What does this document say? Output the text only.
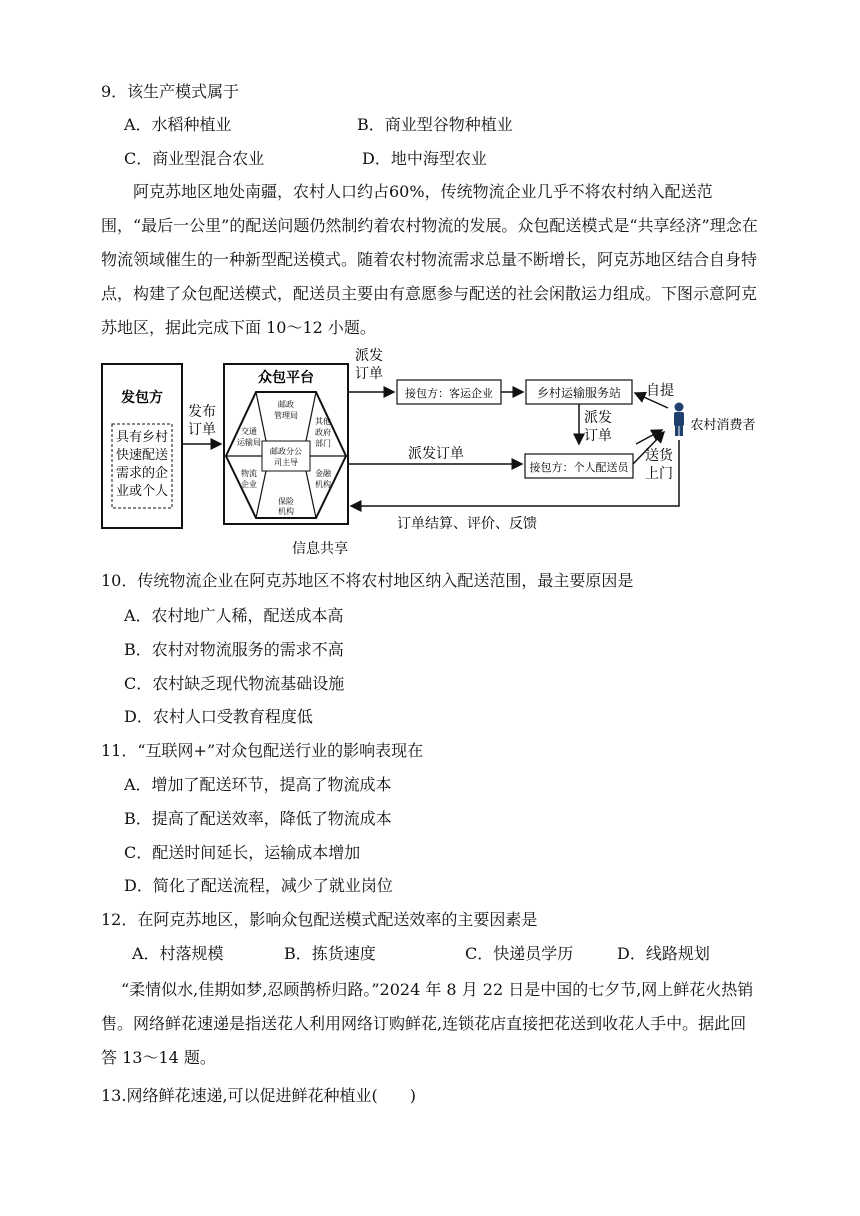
9．该生产模式属于
A．水稻种植业	B．商业型谷物种植业
C．商业型混合农业	D．地中海型农业
阿克苏地区地处南疆，农村人口约占60%，传统物流企业几乎不将农村纳入配送范围，“最后一公里”的配送问题仍然制约着农村物流的发展。众包配送模式是“共享经济”理念在物流领域催生的一种新型配送模式。随着农村物流需求总量不断增长，阿克苏地区结合自身特点，构建了众包配送模式，配送员主要由有意愿参与配送的社会闲散运力组成。下图示意阿克苏地区，据此完成下面 10～12 小题。
发包方
具有乡村
快速配送
需求的企
业或个人
发布
订单
众包平台
邮政分公
司主导
邮政
管理局
其他
政府
部门
金融
机构
保险
机构
物流
企业
交通
运输局
派发
订单
接包方：客运企业	乡村运输服务站
派发
订单
派发订单
接包方：个人配送员
农村消费者
自提
送货
上门
订单结算、评价、反馈
信息共享
10．传统物流企业在阿克苏地区不将农村地区纳入配送范围，最主要原因是
A．农村地广人稀，配送成本高
B．农村对物流服务的需求不高
C．农村缺乏现代物流基础设施
D．农村人口受教育程度低
11．“互联网+”对众包配送行业的影响表现在
A．增加了配送环节，提高了物流成本
B．提高了配送效率，降低了物流成本
C．配送时间延长，运输成本增加
D．简化了配送流程，减少了就业岗位
12．在阿克苏地区，影响众包配送模式配送效率的主要因素是
A．村落规模	B．拣货速度	C．快递员学历	D．线路规划
“柔情似水,佳期如梦,忍顾鹊桥归路。”2024 年 8 月 22 日是中国的七夕节,网上鲜花火热销售。网络鲜花速递是指送花人利用网络订购鲜花,连锁花店直接把花送到收花人手中。据此回答 13～14 题。
13.网络鲜花速递,可以促进鲜花种植业(　　)
